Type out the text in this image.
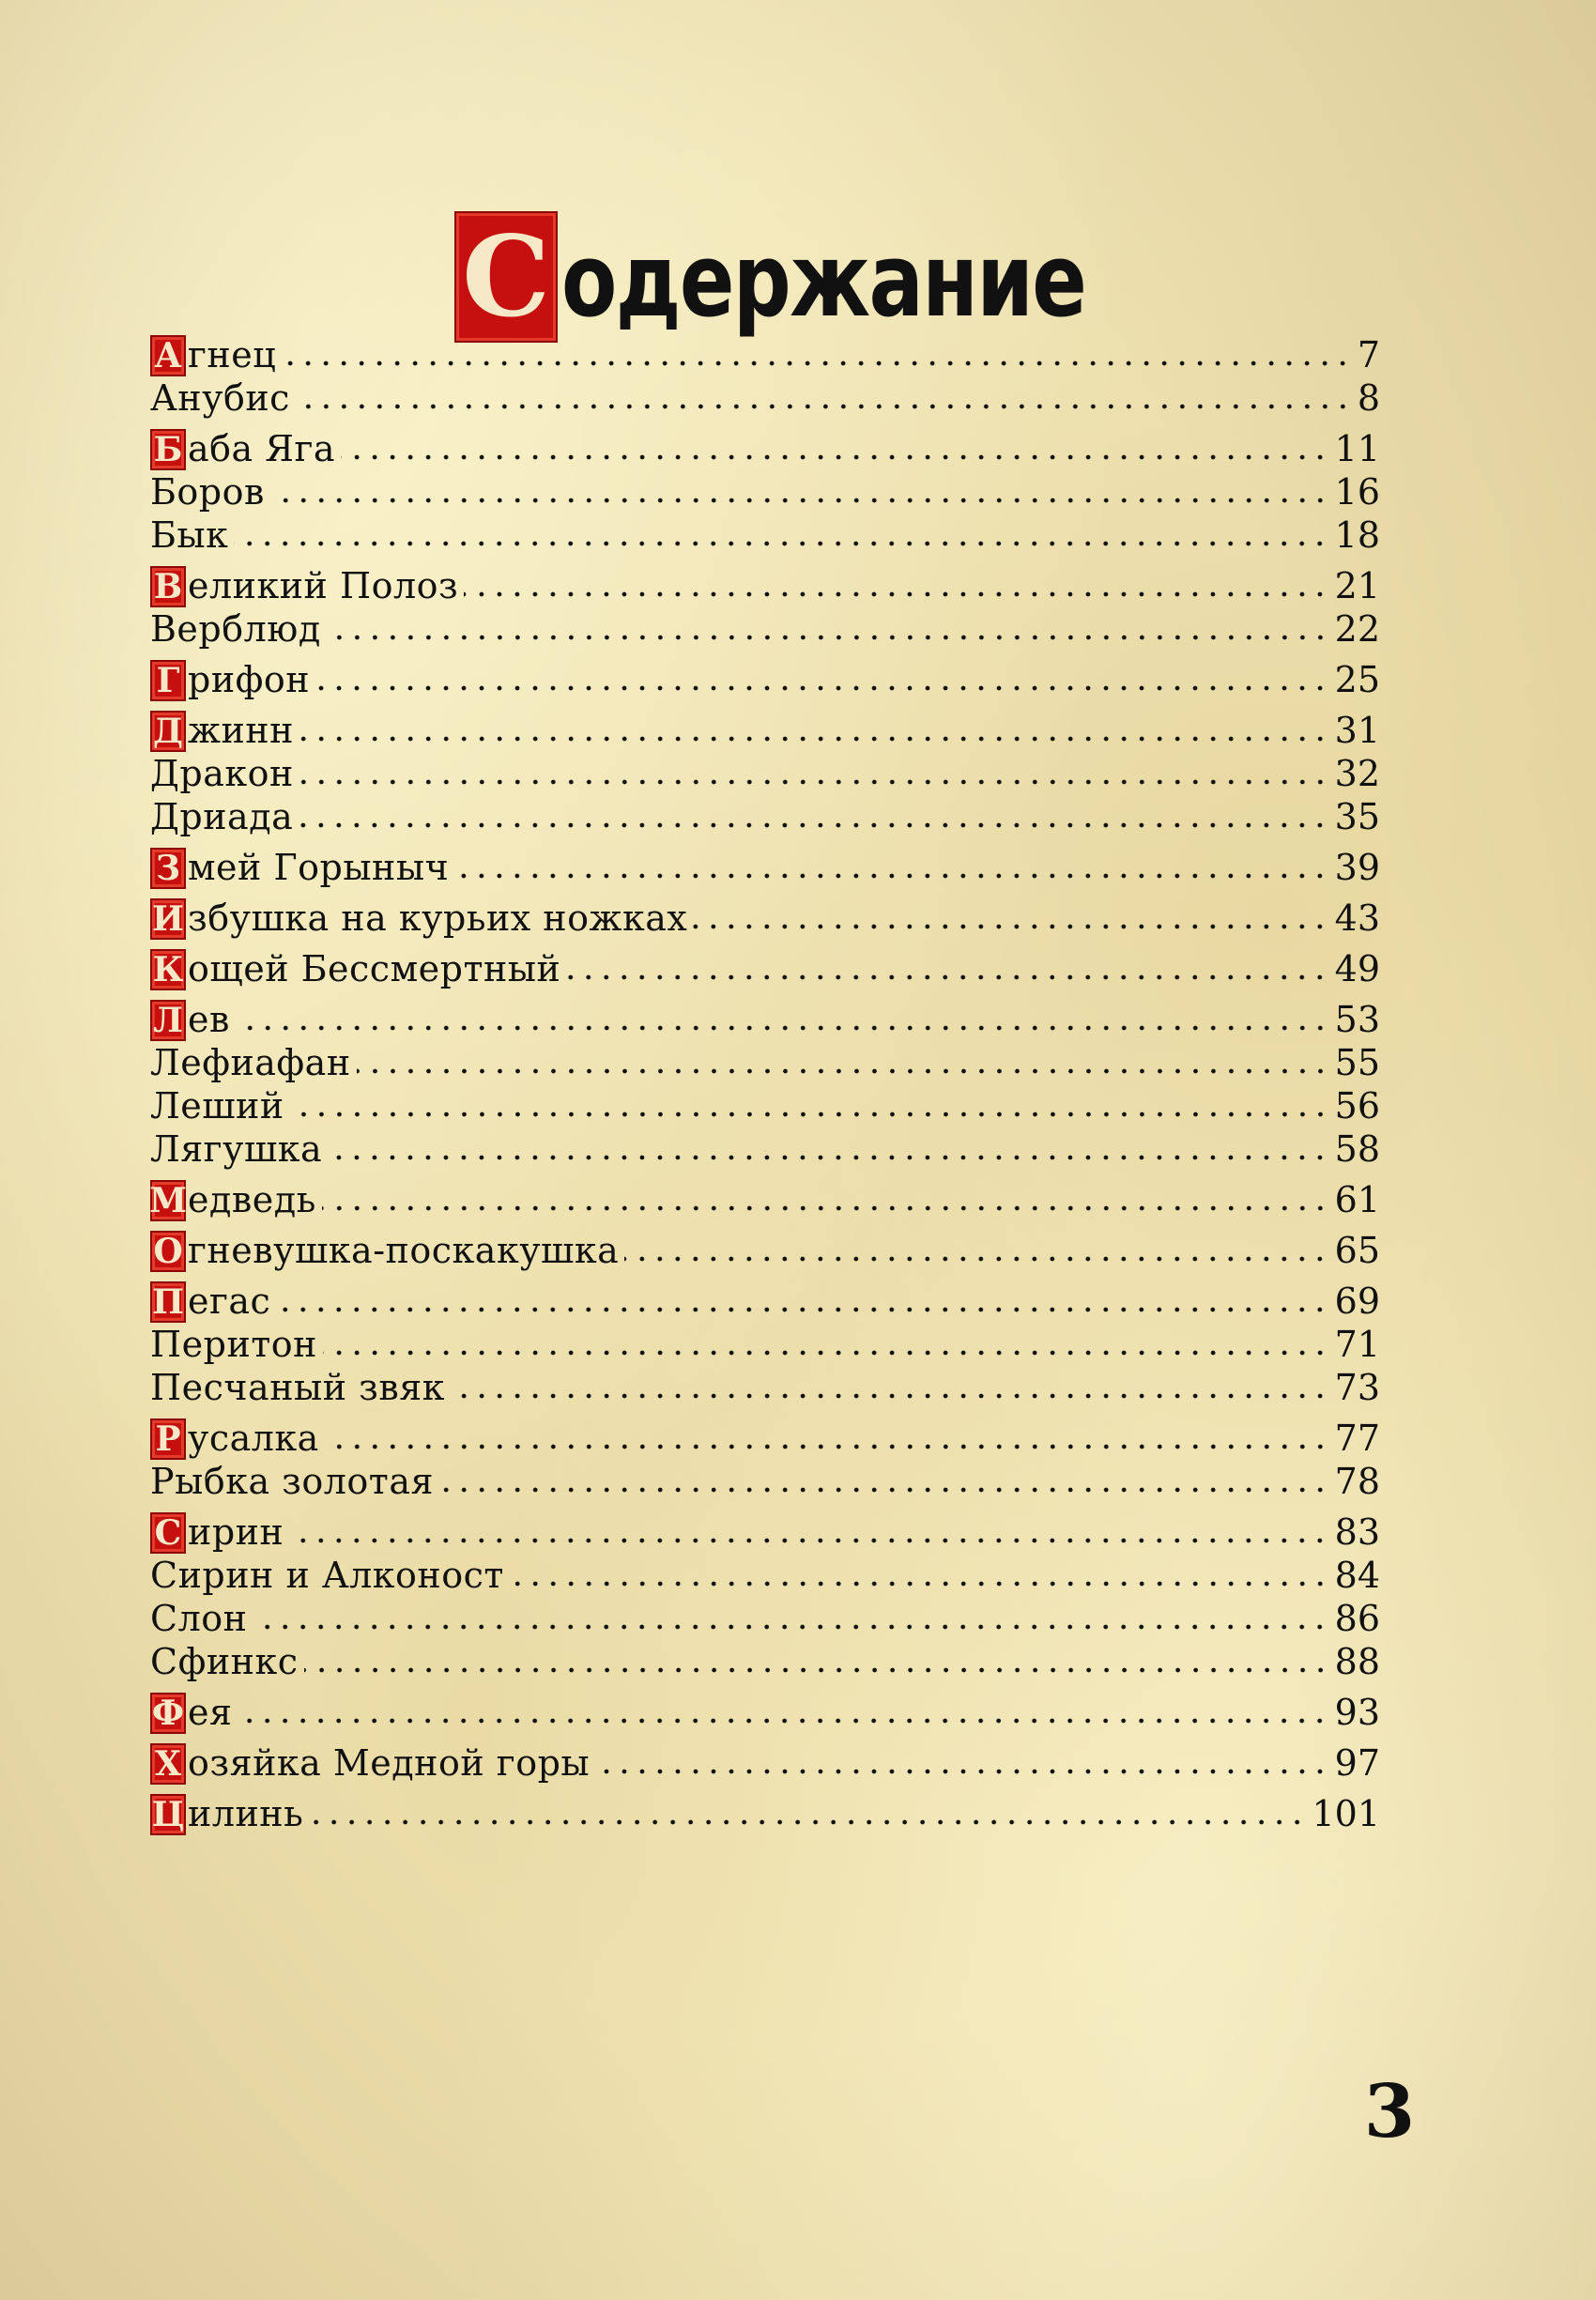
С одержание
А гнец	7
Анубис	8
Б аба Яга	11
Боров	16
Бык	18
В еликий Полоз	21
Верблюд	22
Г рифон	25
Д жинн	31
Дракон	32
Дриада	35
З мей Горыныч	39
И збушка на курьих ножках	43
К ощей Бессмертный	49
Л ев	53
Лефиафан	55
Леший	56
Лягушка	58
М едведь	61
О гневушка-поскакушка	65
П егас	69
Перитон	71
Песчаный звяк	73
Р усалка	77
Рыбка золотая	78
С ирин	83
Сирин и Алконост	84
Слон	86
Сфинкс	88
Ф ея	93
Х озяйка Медной горы	97
Ц илинь	101
3
